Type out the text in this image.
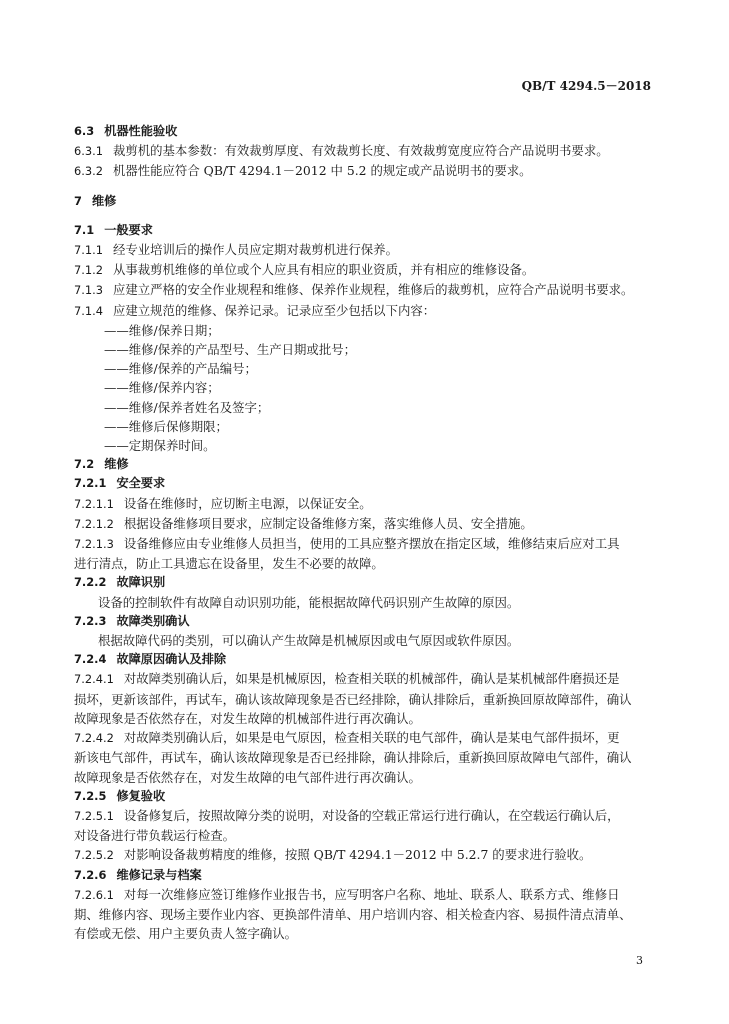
QB/T 4294.5－2018
6.3 机器性能验收
6.3.1 裁剪机的基本参数：有效裁剪厚度、有效裁剪长度、有效裁剪宽度应符合产品说明书要求。
6.3.2 机器性能应符合 QB/T 4294.1－2012 中 5.2 的规定或产品说明书的要求。
7 维修
7.1 一般要求
7.1.1 经专业培训后的操作人员应定期对裁剪机进行保养。
7.1.2 从事裁剪机维修的单位或个人应具有相应的职业资质，并有相应的维修设备。
7.1.3 应建立严格的安全作业规程和维修、保养作业规程，维修后的裁剪机，应符合产品说明书要求。
7.1.4 应建立规范的维修、保养记录。记录应至少包括以下内容：
——维修/保养日期；
——维修/保养的产品型号、生产日期或批号；
——维修/保养的产品编号；
——维修/保养内容；
——维修/保养者姓名及签字；
——维修后保修期限；
——定期保养时间。
7.2 维修
7.2.1 安全要求
7.2.1.1 设备在维修时，应切断主电源，以保证安全。
7.2.1.2 根据设备维修项目要求，应制定设备维修方案，落实维修人员、安全措施。
7.2.1.3 设备维修应由专业维修人员担当，使用的工具应整齐摆放在指定区域，维修结束后应对工具
进行清点，防止工具遗忘在设备里，发生不必要的故障。
7.2.2 故障识别
设备的控制软件有故障自动识别功能，能根据故障代码识别产生故障的原因。
7.2.3 故障类别确认
根据故障代码的类别，可以确认产生故障是机械原因或电气原因或软件原因。
7.2.4 故障原因确认及排除
7.2.4.1 对故障类别确认后，如果是机械原因，检查相关联的机械部件，确认是某机械部件磨损还是
损坏，更新该部件，再试车，确认该故障现象是否已经排除，确认排除后，重新换回原故障部件，确认
故障现象是否依然存在，对发生故障的机械部件进行再次确认。
7.2.4.2 对故障类别确认后，如果是电气原因，检查相关联的电气部件，确认是某电气部件损坏，更
新该电气部件，再试车，确认该故障现象是否已经排除，确认排除后，重新换回原故障电气部件，确认
故障现象是否依然存在，对发生故障的电气部件进行再次确认。
7.2.5 修复验收
7.2.5.1 设备修复后，按照故障分类的说明，对设备的空载正常运行进行确认，在空载运行确认后，
对设备进行带负载运行检查。
7.2.5.2 对影响设备裁剪精度的维修，按照 QB/T 4294.1－2012 中 5.2.7 的要求进行验收。
7.2.6 维修记录与档案
7.2.6.1 对每一次维修应签订维修作业报告书，应写明客户名称、地址、联系人、联系方式、维修日
期、维修内容、现场主要作业内容、更换部件清单、用户培训内容、相关检查内容、易损件清点清单、
有偿或无偿、用户主要负责人签字确认。
3
